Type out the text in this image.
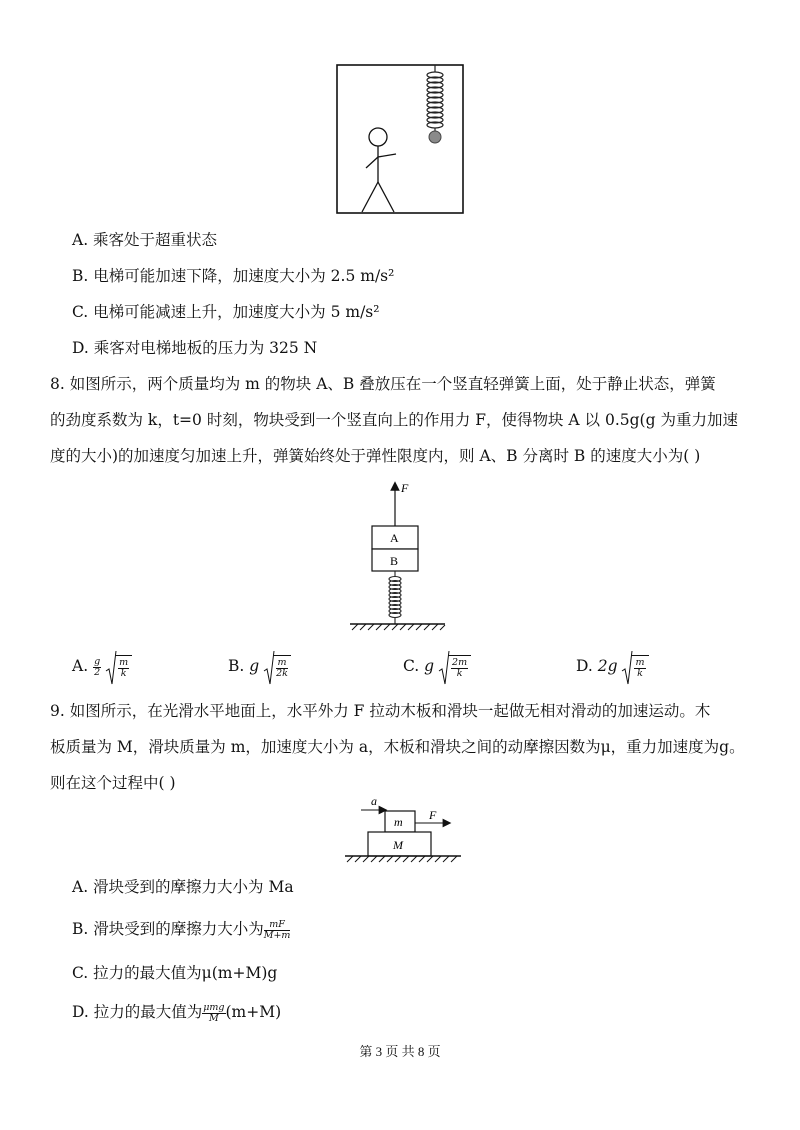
A. 乘客处于超重状态
B. 电梯可能加速下降，加速度大小为 2.5 m/s²
C. 电梯可能减速上升，加速度大小为 5 m/s²
D. 乘客对电梯地板的压力为 325 N
8. 如图所示，两个质量均为 m 的物块 A、B 叠放压在一个竖直轻弹簧上面，处于静止状态，弹簧
的劲度系数为 k，t=0 时刻，物块受到一个竖直向上的作用力 F，使得物块 A 以 0.5g(g 为重力加速
度的大小)的加速度匀加速上升，弹簧始终处于弹性限度内，则 A、B 分离时 B 的速度大小为( )
F
A
B
A. $\frac{g}{2}$
$\frac{m}{k}$	B. g $\frac{m}{2k}$	C. g $\frac{2m}{k}$	D. $2g \frac{m}{k}$
9. 如图所示，在光滑水平地面上，水平外力 F 拉动木板和滑块一起做无相对滑动的加速运动。木
板质量为 M，滑块质量为 m，加速度大小为 a，木板和滑块之间的动摩擦因数为μ，重力加速度为g。
则在这个过程中( )
a
m F
M
A. 滑块受到的摩擦力大小为 Ma
B. 滑块受到的摩擦力大小为 $\frac{mF}{M+m}$
C. 拉力的最大值为μ(m+M)g
D. 拉力的最大值为 $\frac{\text{μmg}}{M} (m+M)$
第 3 页 共 8 页
